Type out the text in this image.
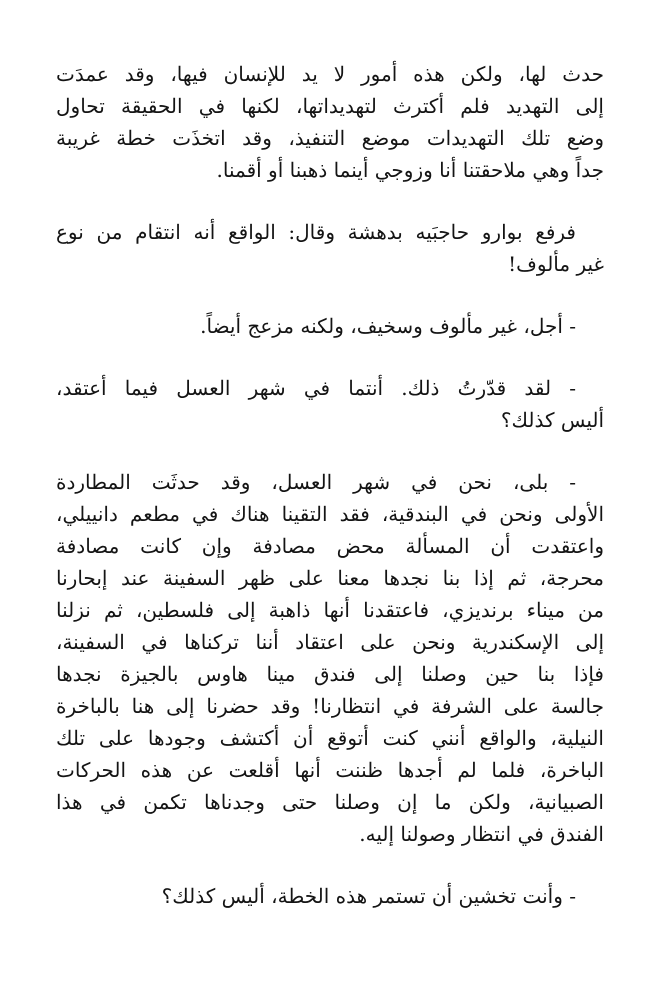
حدث لها، ولكن هذه أمور لا يد للإنسان فيها، وقد عمدَت
إلى التهديد فلم أكترث لتهديداتها، لكنها في الحقيقة تحاول
وضع تلك التهديدات موضع التنفيذ، وقد اتخذَت خطة غريبة
جداً وهي ملاحقتنا أنا وزوجي أينما ذهبنا أو أقمنا.
فرفع بوارو حاجبَيه بدهشة وقال: الواقع أنه انتقام من نوع
غير مألوف!
- أجل، غير مألوف وسخيف، ولكنه مزعج أيضاً.
- لقد قدّرتُ ذلك. أنتما في شهر العسل فيما أعتقد،
أليس كذلك؟
- بلى، نحن في شهر العسل، وقد حدثَت المطاردة
الأولى ونحن في البندقية، فقد التقينا هناك في مطعم دانييلي،
واعتقدت أن المسألة محض مصادفة وإن كانت مصادفة
محرجة، ثم إذا بنا نجدها معنا على ظهر السفينة عند إبحارنا
من ميناء برنديزي، فاعتقدنا أنها ذاهبة إلى فلسطين، ثم نزلنا
إلى الإسكندرية ونحن على اعتقاد أننا تركناها في السفينة،
فإذا بنا حين وصلنا إلى فندق مينا هاوس بالجيزة نجدها
جالسة على الشرفة في انتظارنا! وقد حضرنا إلى هنا بالباخرة
النيلية، والواقع أنني كنت أتوقع أن أكتشف وجودها على تلك
الباخرة، فلما لم أجدها ظننت أنها أقلعت عن هذه الحركات
الصبيانية، ولكن ما إن وصلنا حتى وجدناها تكمن في هذا
الفندق في انتظار وصولنا إليه.
- وأنت تخشين أن تستمر هذه الخطة، أليس كذلك؟
